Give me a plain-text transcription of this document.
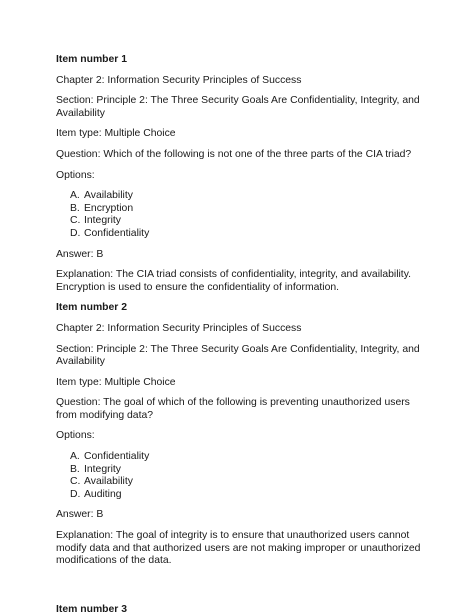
Item number 1

Chapter 2: Information Security Principles of Success

Section: Principle 2: The Three Security Goals Are Confidentiality, Integrity, and Availability

Item type: Multiple Choice

Question: Which of the following is not one of the three parts of the CIA triad?

Options:

A. Availability
B. Encryption
C. Integrity
D. Confidentiality

Answer: B

Explanation: The CIA triad consists of confidentiality, integrity, and availability. Encryption is used to ensure the confidentiality of information.

Item number 2

Chapter 2: Information Security Principles of Success

Section: Principle 2: The Three Security Goals Are Confidentiality, Integrity, and Availability

Item type: Multiple Choice

Question: The goal of which of the following is preventing unauthorized users from modifying data?

Options:

A. Confidentiality
B. Integrity
C. Availability
D. Auditing

Answer: B

Explanation: The goal of integrity is to ensure that unauthorized users cannot modify data and that authorized users are not making improper or unauthorized modifications of the data.

Item number 3
